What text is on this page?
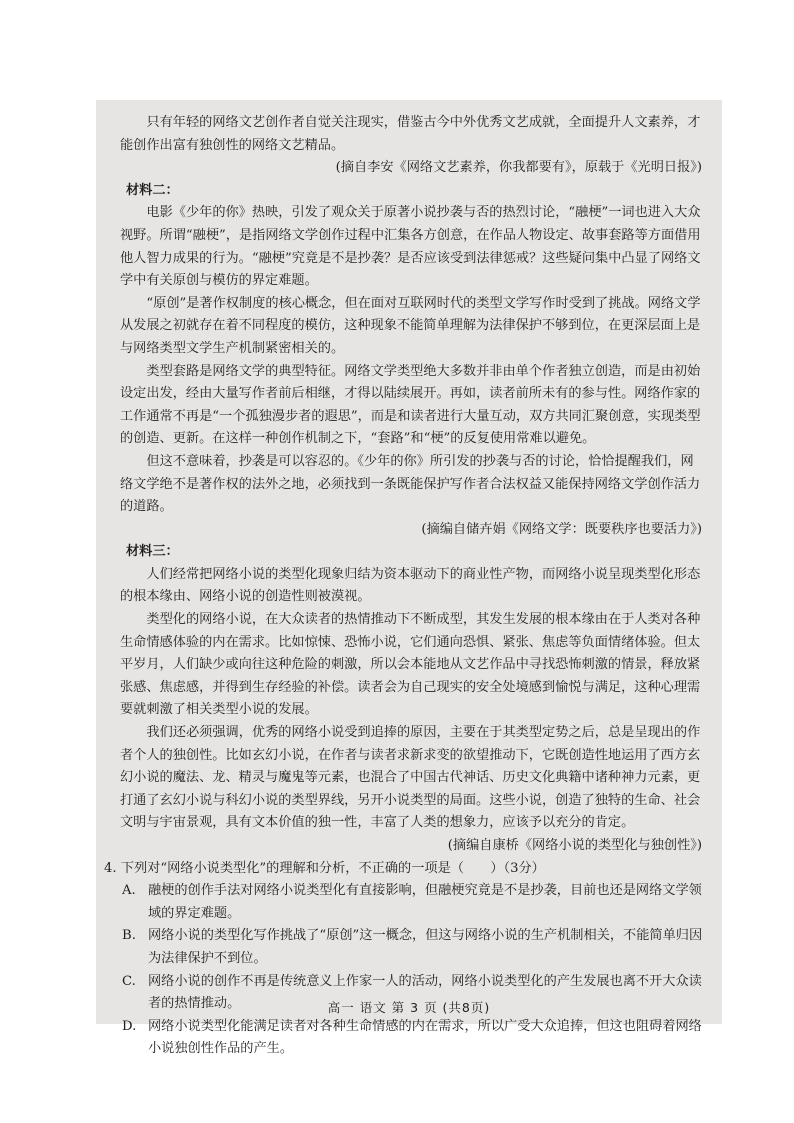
只有年轻的网络文艺创作者自觉关注现实，借鉴古今中外优秀文艺成就，全面提升人文素养，才能创作出富有独创性的网络文艺精品。

(摘自李安《网络文艺素养，你我都要有》，原载于《光明日报》)

材料二：

电影《少年的你》热映，引发了观众关于原著小说抄袭与否的热烈讨论，“融梗”一词也进入大众视野。所谓“融梗”，是指网络文学创作过程中汇集各方创意，在作品人物设定、故事套路等方面借用他人智力成果的行为。“融梗”究竟是不是抄袭？是否应该受到法律惩戒？这些疑问集中凸显了网络文学中有关原创与模仿的界定难题。

“原创”是著作权制度的核心概念，但在面对互联网时代的类型文学写作时受到了挑战。网络文学从发展之初就存在着不同程度的模仿，这种现象不能简单理解为法律保护不够到位，在更深层面上是与网络类型文学生产机制紧密相关的。

类型套路是网络文学的典型特征。网络文学类型绝大多数并非由单个作者独立创造，而是由初始设定出发，经由大量写作者前后相继，才得以陆续展开。再如，读者前所未有的参与性。网络作家的工作通常不再是“一个孤独漫步者的遐思”，而是和读者进行大量互动，双方共同汇聚创意，实现类型的创造、更新。在这样一种创作机制之下，“套路”和“梗”的反复使用常难以避免。

但这不意味着，抄袭是可以容忍的。《少年的你》所引发的抄袭与否的讨论，恰恰提醒我们，网络文学绝不是著作权的法外之地，必须找到一条既能保护写作者合法权益又能保持网络文学创作活力的道路。

(摘编自储卉娟《网络文学：既要秩序也要活力》)

材料三：

人们经常把网络小说的类型化现象归结为资本驱动下的商业性产物，而网络小说呈现类型化形态的根本缘由、网络小说的创造性则被漠视。

类型化的网络小说，在大众读者的热情推动下不断成型，其发生发展的根本缘由在于人类对各种生命情感体验的内在需求。比如惊悚、恐怖小说，它们通向恐惧、紧张、焦虑等负面情绪体验。但太平岁月，人们缺少或向往这种危险的刺激，所以会本能地从文艺作品中寻找恐怖刺激的情景，释放紧张感、焦虑感，并得到生存经验的补偿。读者会为自己现实的安全处境感到愉悦与满足，这种心理需要就刺激了相关类型小说的发展。

我们还必须强调，优秀的网络小说受到追捧的原因，主要在于其类型定势之后，总是呈现出的作者个人的独创性。比如玄幻小说，在作者与读者求新求变的欲望推动下，它既创造性地运用了西方玄幻小说的魔法、龙、精灵与魔鬼等元素，也混合了中国古代神话、历史文化典籍中诸种神力元素，更打通了玄幻小说与科幻小说的类型界线，另开小说类型的局面。这些小说，创造了独特的生命、社会文明与宇宙景观，具有文本价值的独一性，丰富了人类的想象力，应该予以充分的肯定。

(摘编自康桥《网络小说的类型化与独创性》)

4. 下列对“网络小说类型化”的理解和分析，不正确的一项是（　　）（3分）

A. 融梗的创作手法对网络小说类型化有直接影响，但融梗究竟是不是抄袭，目前也还是网络文学领域的界定难题。
B. 网络小说的类型化写作挑战了“原创”这一概念，但这与网络小说的生产机制相关，不能简单归因为法律保护不到位。
C. 网络小说的创作不再是传统意义上作家一人的活动，网络小说类型化的产生发展也离不开大众读者的热情推动。
D. 网络小说类型化能满足读者对各种生命情感的内在需求，所以广受大众追捧，但这也阻碍着网络小说独创性作品的产生。
高一 语文 第 3 页 (共8页)
